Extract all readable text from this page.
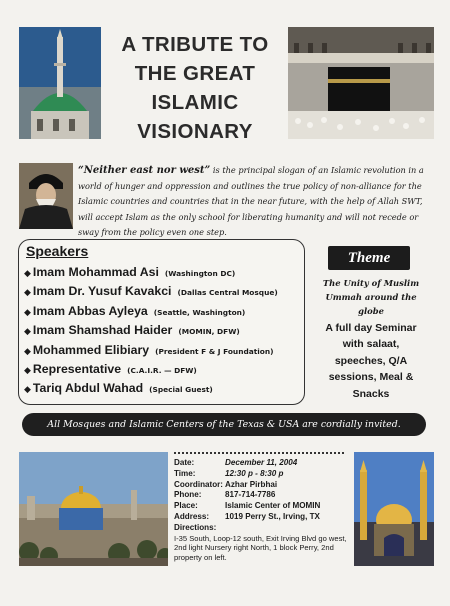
A TRIBUTE TO
THE GREAT
ISLAMIC
VISIONARY
“Neither east nor west” is the principal slogan of an Islamic revolution in a world of hunger and oppression and outlines the true policy of non-alliance for the Islamic countries and countries that in the near future, with the help of Allah SWT, will accept Islam as the only school for liberating humanity and will not recede or sway from the policy even one step.
Speakers
◆ Imam Mohammad Asi (Washington DC)
◆ Imam Dr. Yusuf Kavakci (Dallas Central Mosque)
◆ Imam Abbas Ayleya (Seattle, Washington)
◆ Imam Shamshad Haider (MOMIN, DFW)
◆ Mohammed Elibiary (President F & J Foundation)
◆ Representative (C.A.I.R. — DFW)
◆ Tariq Abdul Wahad (Special Guest)
Theme
The Unity of Muslim
Ummah around the globe
A full day Seminar
with salaat,
speeches, Q/A
sessions, Meal &
Snacks
All Mosques and Islamic Centers of the Texas & USA are cordially invited.
Date:	December 11, 2004
Time:	12:30 p - 8:30 p
Coordinator: Azhar Pirbhai
Phone:	817-714-7786
Place:	Islamic Center of MOMIN
Address:	1019 Perry St., Irving, TX
Directions:
I-35 South, Loop-12 south, Exit Irving Blvd go west, 2nd light Nursery right North, 1 block Perry, 2nd property on left.
